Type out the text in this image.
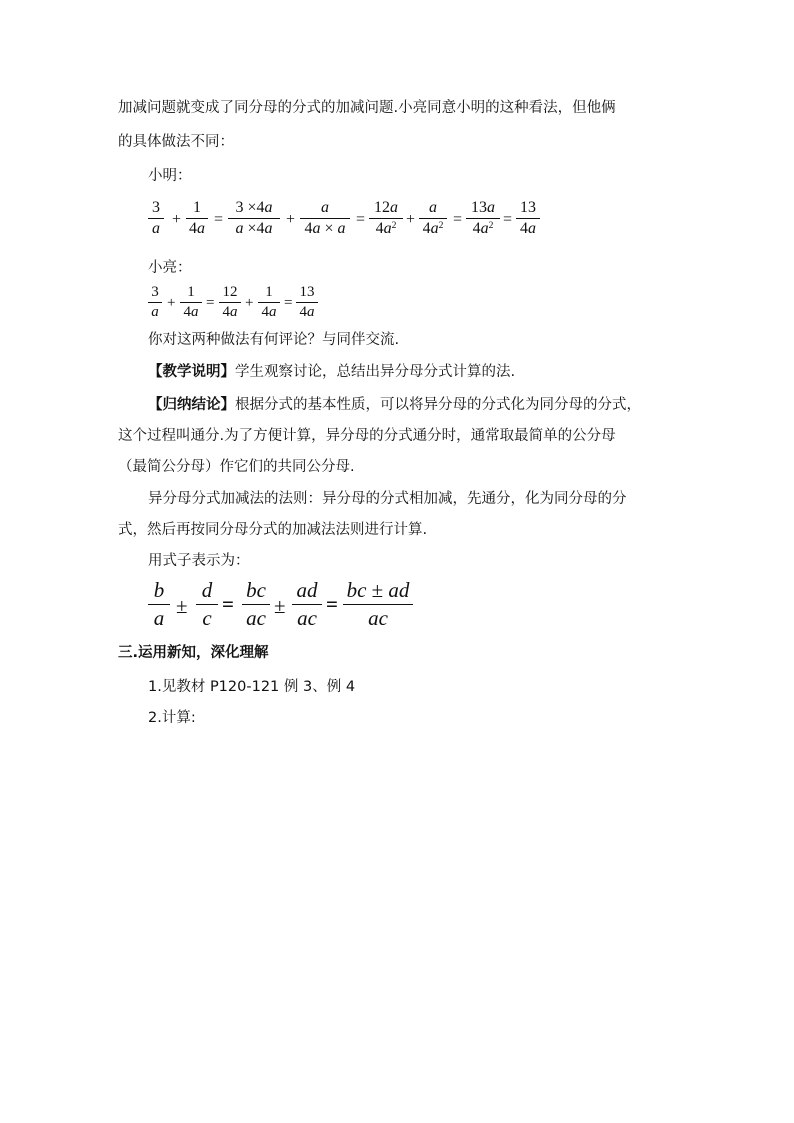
加减问题就变成了同分母的分式的加减问题.小亮同意小明的这种看法，但他俩
的具体做法不同：
小明：
3
a
+
1
4a
=
3 ×4a
a ×4a
+
a
4a × a
=
12a
$4a^2$ +
a
$4a^2$ =
13a
$4a^2$ =
13
4a
小亮：
3
a
+
1
4a
=
12
4a
+
1
4a
=
13
4a
你对这两种做法有何评论？与同伴交流.
【教学说明】学生观察讨论，总结出异分母分式计算的法.
【归纳结论】根据分式的基本性质，可以将异分母的分式化为同分母的分式，
这个过程叫通分.为了方便计算，异分母的分式通分时，通常取最简单的公分母
（最简公分母）作它们的共同公分母.
异分母分式加减法的法则：异分母的分式相加减，先通分，化为同分母的分
式，然后再按同分母分式的加减法法则进行计算.
用式子表示为：
b
a ±
d
c
=
bc
ac ±
ad
ac
=
bc ± ad
ac
三.运用新知，深化理解
1.见教材 P120-121 例 3、例 4
2.计算:
